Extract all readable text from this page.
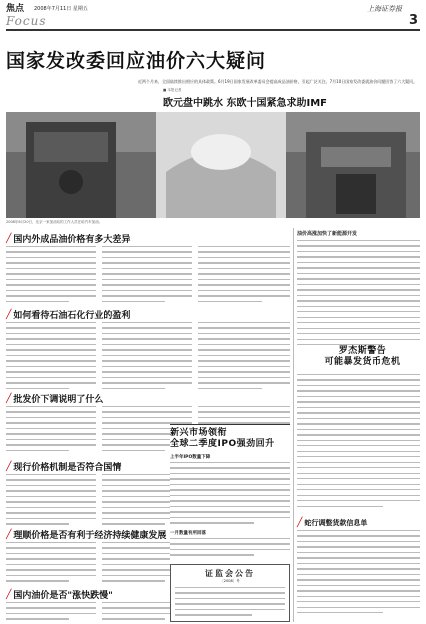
焦点 2008年7月11日 星期五	上海证券报
Focus	3
国家发改委回应油价六大疑问
近两个月来，全国陆续推出相应的具体政策。6月19日国家发展改革委员会提高成品油价格，引起广泛关注。7月10日国家发改委就油价问题回答了六大疑问。
2008年6月20日，北京一家加油站的工作人员在给汽车加油。
╱ 国内外成品油价格有多大差异
╱ 如何看待石油石化行业的盈利
╱ 批发价下调说明了什么
╱ 现行价格机制是否符合国情
╱ 理顺价格是否有利于经济持续健康发展
╱ 国内油价是否"涨快跌慢"
油价高涨加快了新能源开发
罗杰斯警告
可能暴发货币危机
╱ 蛇行调整货款信息单
■ 本报记者
欧元盘中跳水 东欧十国紧急求助IMF
新兴市场领衔
全球二季度IPO强劲回升
上半年IPO数量下降
一月数量有所回落
证监会公告
〔2008〕号
